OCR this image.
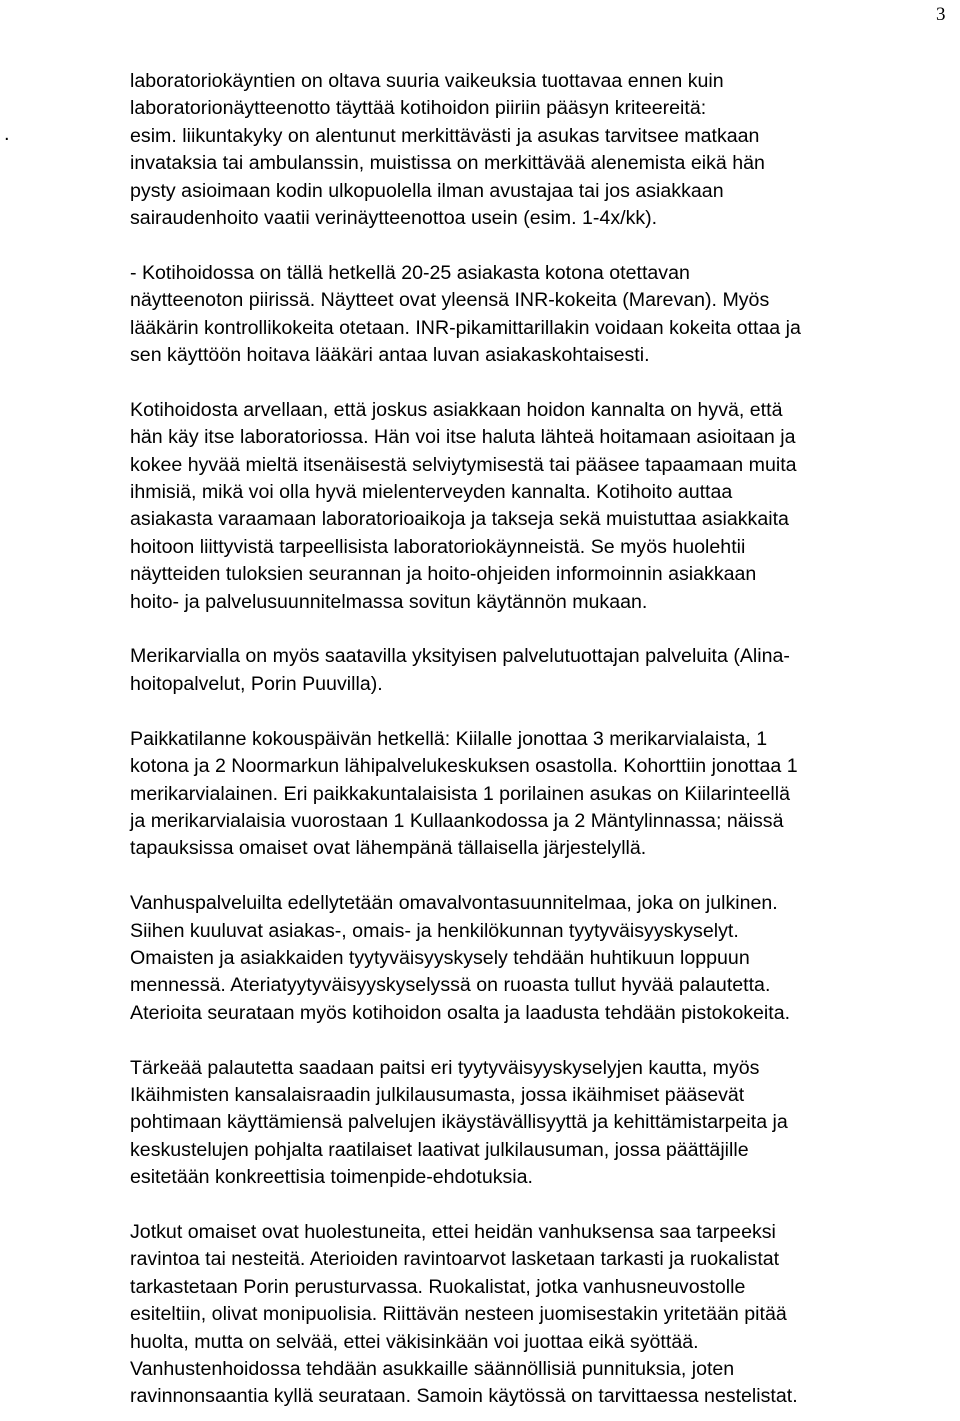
3
.
laboratoriokäyntien on oltava suuria vaikeuksia tuottavaa ennen kuin
laboratorionäytteenotto täyttää kotihoidon piiriin pääsyn kriteereitä:
esim. liikuntakyky on alentunut merkittävästi ja asukas tarvitsee matkaan
invataksia tai ambulanssin, muistissa on merkittävää alenemista eikä hän
pysty asioimaan kodin ulkopuolella ilman avustajaa tai jos asiakkaan
sairaudenhoito vaatii verinäytteenottoa usein (esim. 1-4x/kk).
- Kotihoidossa on tällä hetkellä 20-25 asiakasta kotona otettavan
näytteenoton piirissä. Näytteet ovat yleensä INR-kokeita (Marevan). Myös
lääkärin kontrollikokeita otetaan. INR-pikamittarillakin voidaan kokeita ottaa ja
sen käyttöön hoitava lääkäri antaa luvan asiakaskohtaisesti.
Kotihoidosta arvellaan, että joskus asiakkaan hoidon kannalta on hyvä, että
hän käy itse laboratoriossa. Hän voi itse haluta lähteä hoitamaan asioitaan ja
kokee hyvää mieltä itsenäisestä selviytymisestä tai pääsee tapaamaan muita
ihmisiä, mikä voi olla hyvä mielenterveyden kannalta. Kotihoito auttaa
asiakasta varaamaan laboratorioaikoja ja takseja sekä muistuttaa asiakkaita
hoitoon liittyvistä tarpeellisista laboratoriokäynneistä. Se myös huolehtii
näytteiden tuloksien seurannan ja hoito-ohjeiden informoinnin asiakkaan
hoito- ja palvelusuunnitelmassa sovitun käytännön mukaan.
Merikarvialla on myös saatavilla yksityisen palvelutuottajan palveluita (Alina-
hoitopalvelut, Porin Puuvilla).
Paikkatilanne kokouspäivän hetkellä: Kiilalle jonottaa 3 merikarvialaista, 1
kotona ja 2 Noormarkun lähipalvelukeskuksen osastolla. Kohorttiin jonottaa 1
merikarvialainen. Eri paikkakuntalaisista 1 porilainen asukas on Kiilarinteellä
ja merikarvialaisia vuorostaan 1 Kullaankodossa ja 2 Mäntylinnassa; näissä
tapauksissa omaiset ovat lähempänä tällaisella järjestelyllä.
Vanhuspalveluilta edellytetään omavalvontasuunnitelmaa, joka on julkinen.
Siihen kuuluvat asiakas-, omais- ja henkilökunnan tyytyväisyyskyselyt.
Omaisten ja asiakkaiden tyytyväisyyskysely tehdään huhtikuun loppuun
mennessä. Ateriatyytyväisyyskyselyssä on ruoasta tullut hyvää palautetta.
Aterioita seurataan myös kotihoidon osalta ja laadusta tehdään pistokokeita.
Tärkeää palautetta saadaan paitsi eri tyytyväisyyskyselyjen kautta, myös
Ikäihmisten kansalaisraadin julkilausumasta, jossa ikäihmiset pääsevät
pohtimaan käyttämiensä palvelujen ikäystävällisyyttä ja kehittämistarpeita ja
keskustelujen pohjalta raatilaiset laativat julkilausuman, jossa päättäjille
esitetään konkreettisia toimenpide-ehdotuksia.
Jotkut omaiset ovat huolestuneita, ettei heidän vanhuksensa saa tarpeeksi
ravintoa tai nesteitä. Aterioiden ravintoarvot lasketaan tarkasti ja ruokalistat
tarkastetaan Porin perusturvassa. Ruokalistat, jotka vanhusneuvostolle
esiteltiin, olivat monipuolisia. Riittävän nesteen juomisestakin yritetään pitää
huolta, mutta on selvää, ettei väkisinkään voi juottaa eikä syöttää.
Vanhustenhoidossa tehdään asukkaille säännöllisiä punnituksia, joten
ravinnonsaantia kyllä seurataan. Samoin käytössä on tarvittaessa nestelistat.
